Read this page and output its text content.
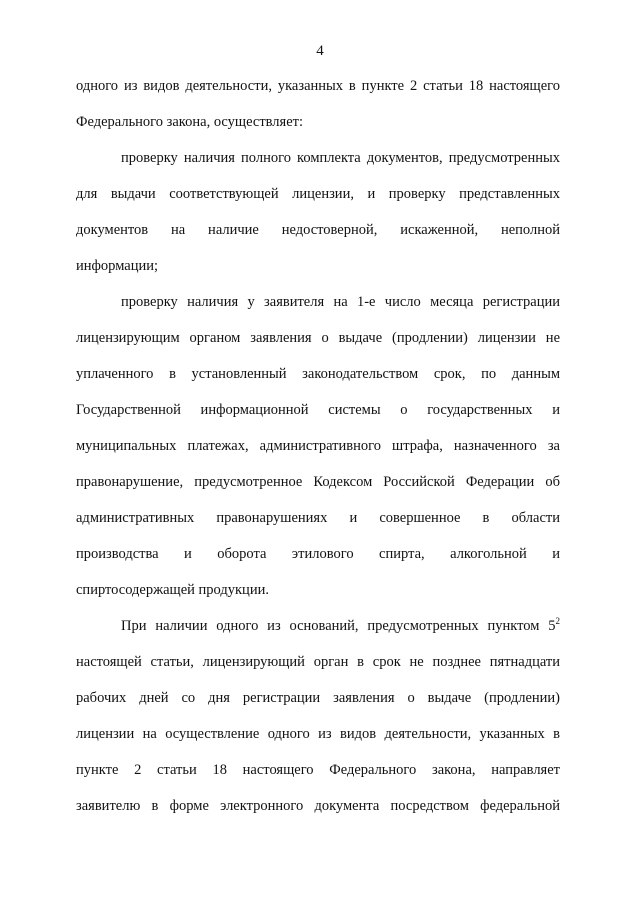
4
одного из видов деятельности, указанных в пункте 2 статьи 18 настоящего
Федерального закона, осуществляет:
проверку наличия полного комплекта документов, предусмотренных
для выдачи соответствующей лицензии, и проверку представленных
документов на наличие недостоверной, искаженной, неполной
информации;
проверку наличия у заявителя на 1-е число месяца регистрации
лицензирующим органом заявления о выдаче (продлении) лицензии не
уплаченного в установленный законодательством срок, по данным
Государственной информационной системы о государственных и
муниципальных платежах, административного штрафа, назначенного за
правонарушение, предусмотренное Кодексом Российской Федерации об
административных правонарушениях и совершенное в области
производства и оборота этилового спирта, алкогольной и
спиртосодержащей продукции.
При наличии одного из оснований, предусмотренных пунктом $5^2$
настоящей статьи, лицензирующий орган в срок не позднее пятнадцати
рабочих дней со дня регистрации заявления о выдаче (продлении)
лицензии на осуществление одного из видов деятельности, указанных в
пункте 2 статьи 18 настоящего Федерального закона, направляет
заявителю в форме электронного документа посредством федеральной
